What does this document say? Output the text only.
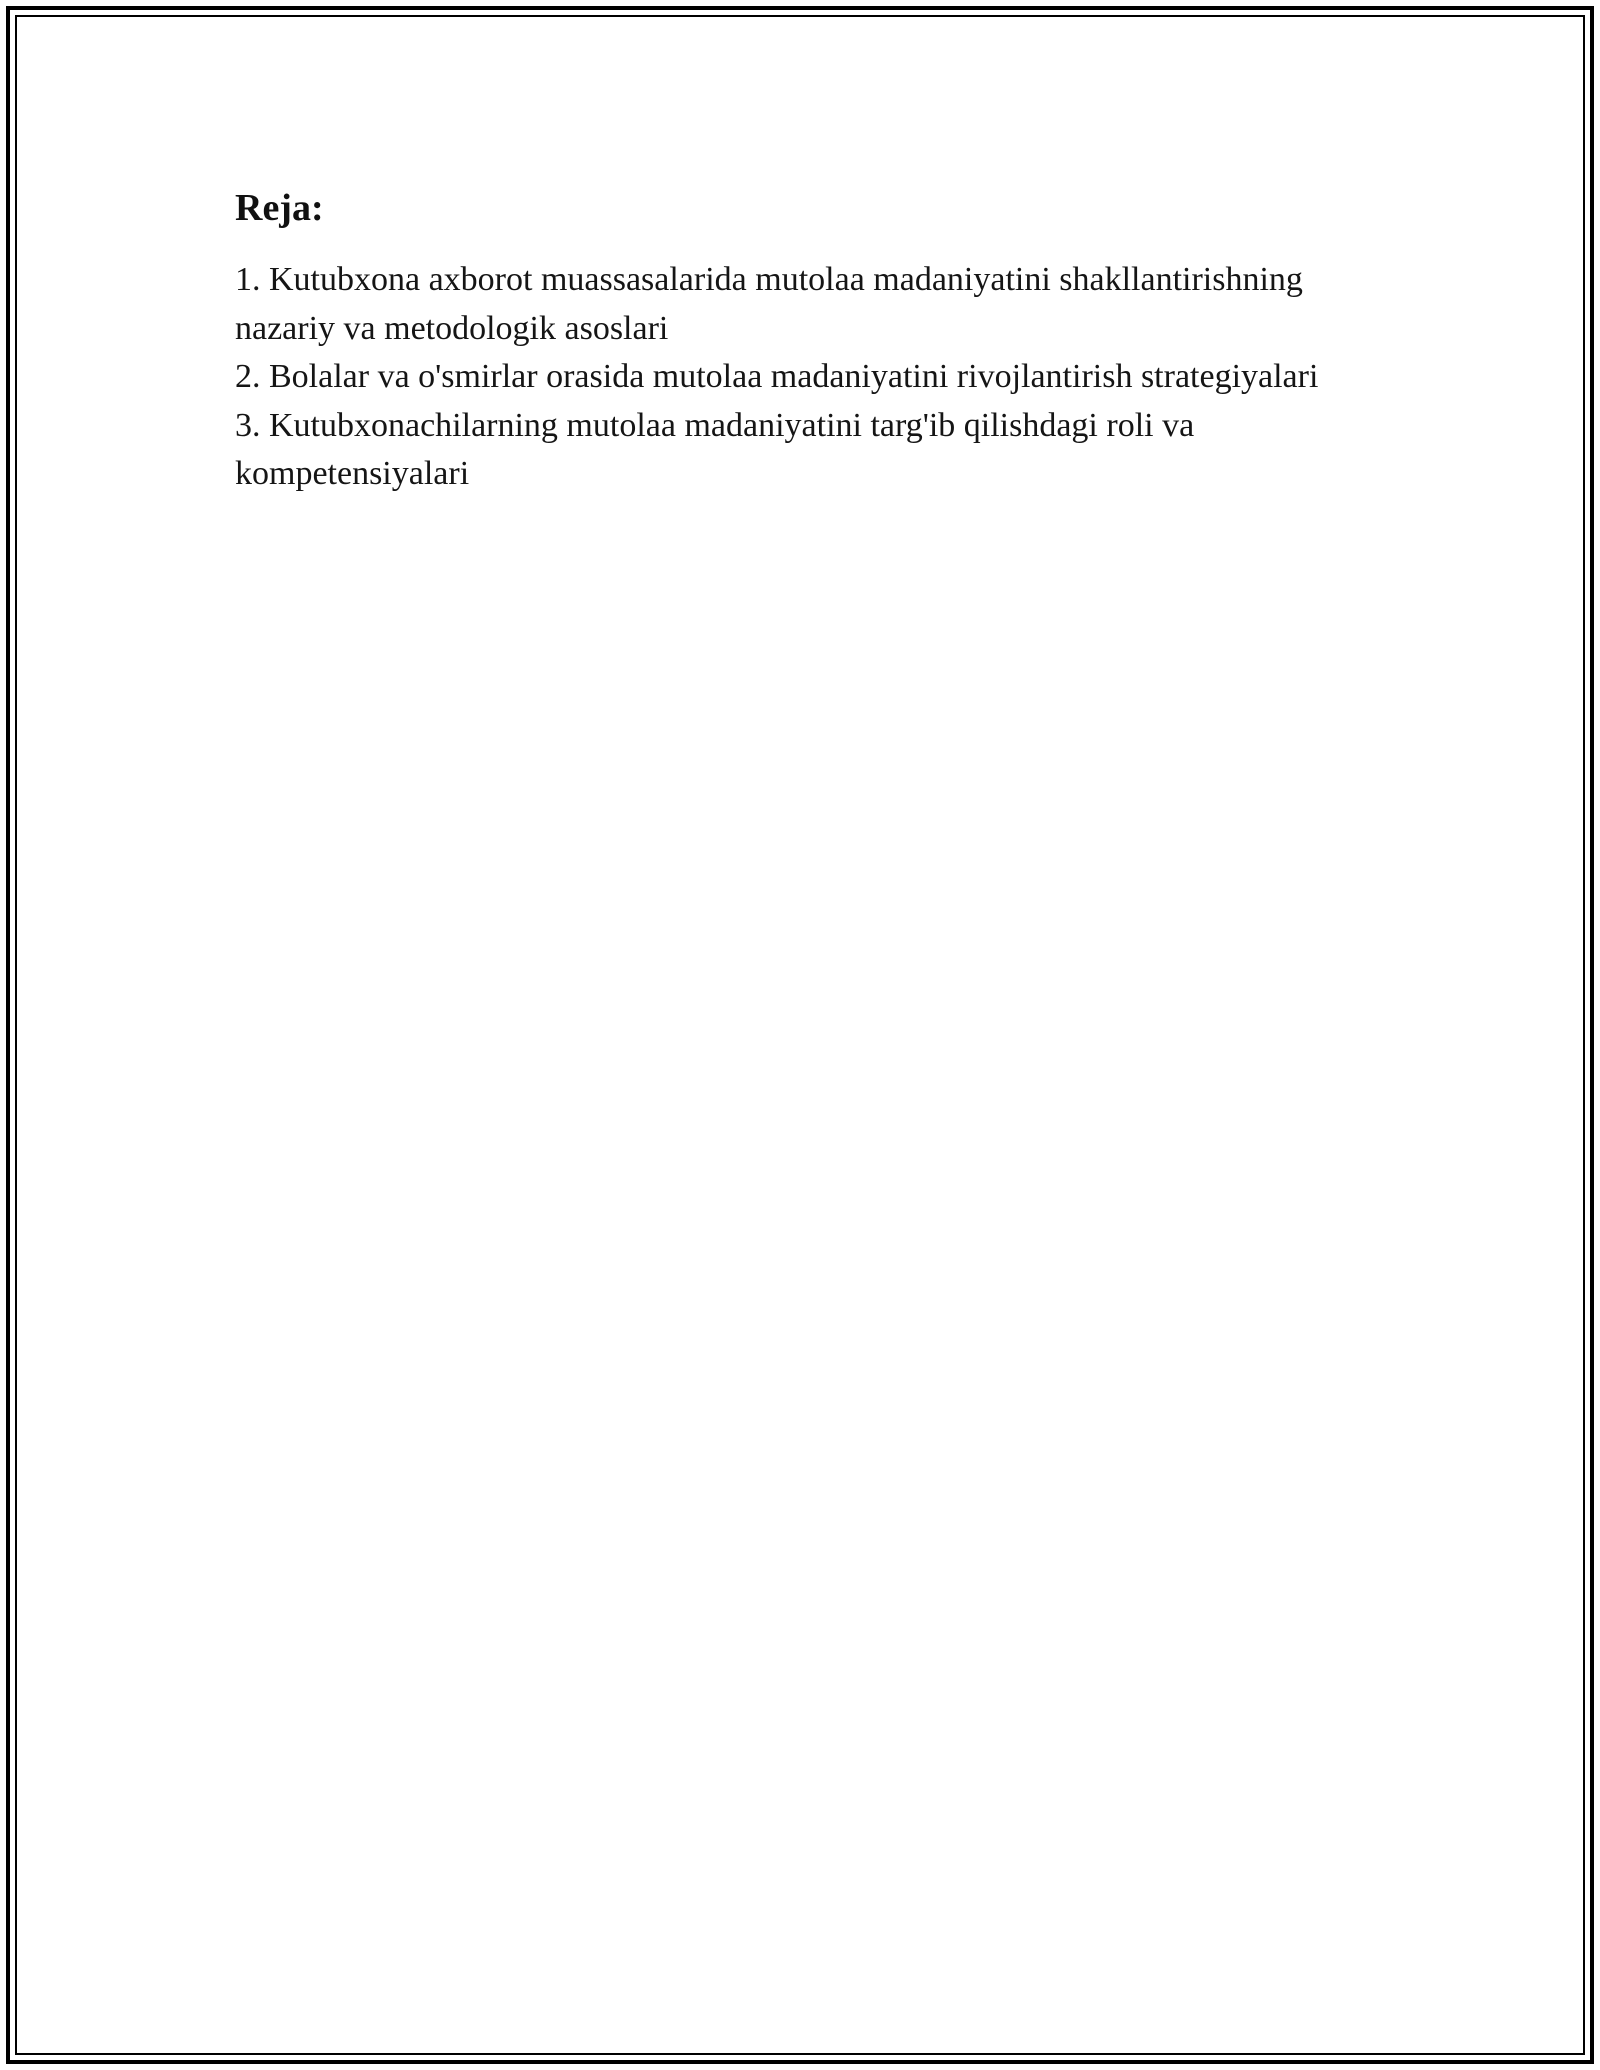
Reja:
1. Kutubxona axborot muassasalarida mutolaa madaniyatini shakllantirishning nazariy va metodologik asoslari
2. Bolalar va o'smirlar orasida mutolaa madaniyatini rivojlantirish strategiyalari
3. Kutubxonachilarning mutolaa madaniyatini targ'ib qilishdagi roli va kompetensiyalari
